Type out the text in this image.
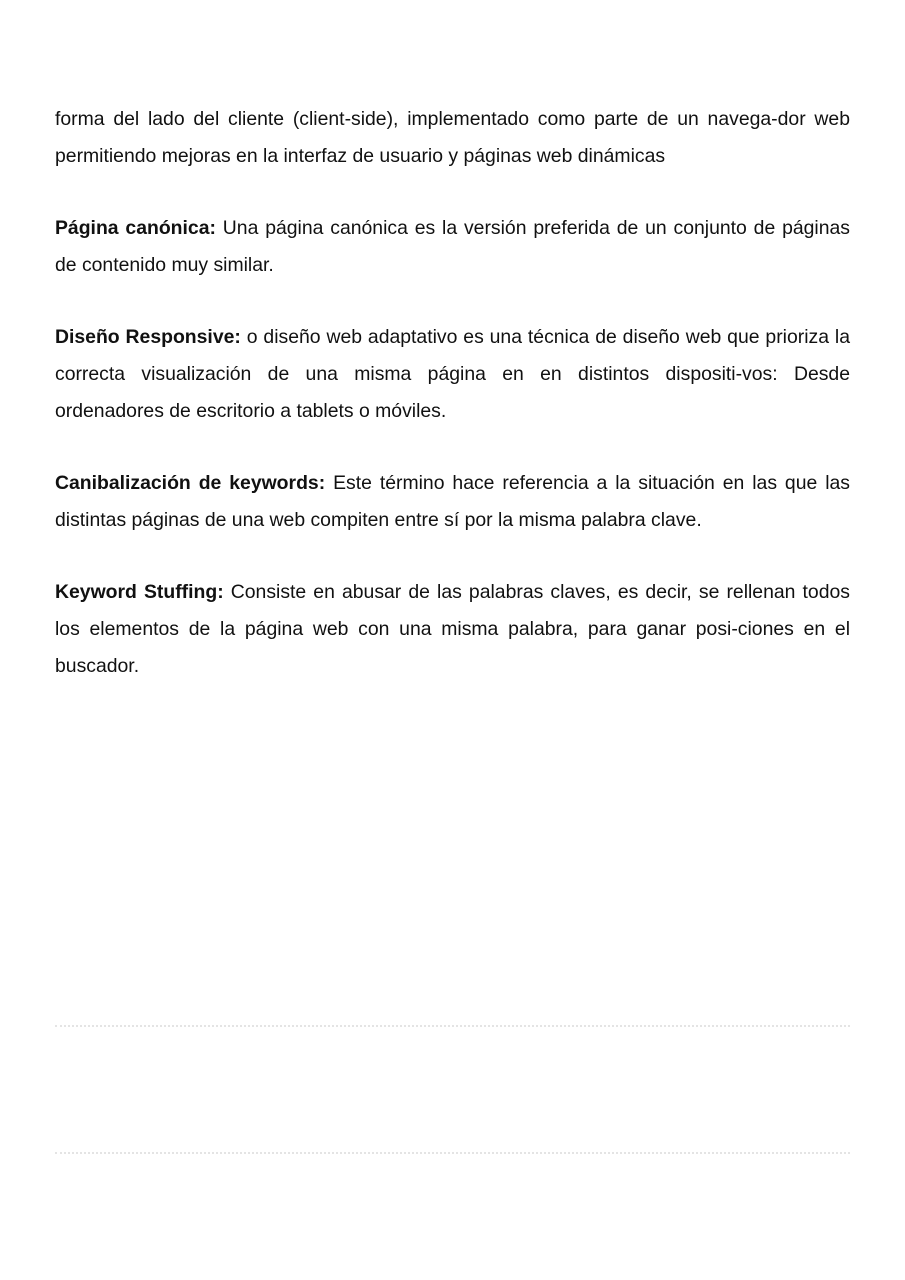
forma del lado del cliente (client-side), implementado como parte de un navega-dor web permitiendo mejoras en la interfaz de usuario y páginas web dinámicas

Página canónica: Una página canónica es la versión preferida de un conjunto de páginas de contenido muy similar.

Diseño Responsive: o diseño web adaptativo es una técnica de diseño web que prioriza la correcta visualización de una misma página en en distintos dispositi-vos: Desde ordenadores de escritorio a tablets o móviles.

Canibalización de keywords: Este término hace referencia a la situación en las que las distintas páginas de una web compiten entre sí por la misma palabra clave.

Keyword Stuffing: Consiste en abusar de las palabras claves, es decir, se rellenan todos los elementos de la página web con una misma palabra, para ganar posi-ciones en el buscador.
